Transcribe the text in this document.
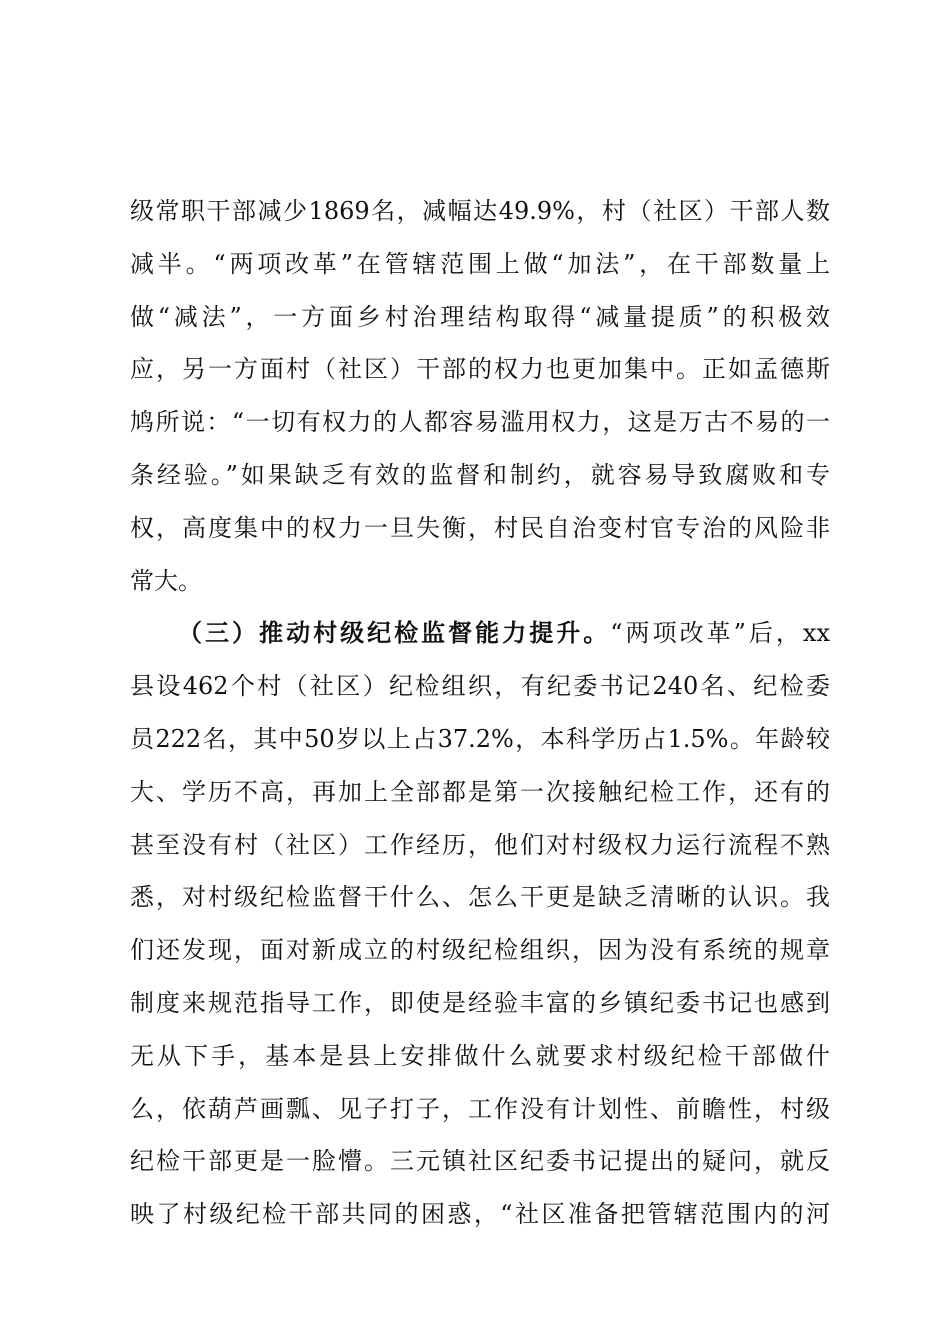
级常职干部减少1869名，减幅达49.9%，村（社区）干部人数
减半。“两项改革”在管辖范围上做“加法”，在干部数量上
做“减法”，一方面乡村治理结构取得“减量提质”的积极效
应，另一方面村（社区）干部的权力也更加集中。正如孟德斯
鸠所说：“一切有权力的人都容易滥用权力，这是万古不易的一
条经验。”如果缺乏有效的监督和制约，就容易导致腐败和专
权，高度集中的权力一旦失衡，村民自治变村官专治的风险非
常大。
（三）推动村级纪检监督能力提升。“两项改革”后，xx
县设462个村（社区）纪检组织，有纪委书记240名、纪检委
员222名，其中50岁以上占37.2%，本科学历占1.5%。年龄较
大、学历不高，再加上全部都是第一次接触纪检工作，还有的
甚至没有村（社区）工作经历，他们对村级权力运行流程不熟
悉，对村级纪检监督干什么、怎么干更是缺乏清晰的认识。我
们还发现，面对新成立的村级纪检组织，因为没有系统的规章
制度来规范指导工作，即使是经验丰富的乡镇纪委书记也感到
无从下手，基本是县上安排做什么就要求村级纪检干部做什
么，依葫芦画瓢、见子打子，工作没有计划性、前瞻性，村级
纪检干部更是一脸懵。三元镇社区纪委书记提出的疑问，就反
映了村级纪检干部共同的困惑，“社区准备把管辖范围内的河
